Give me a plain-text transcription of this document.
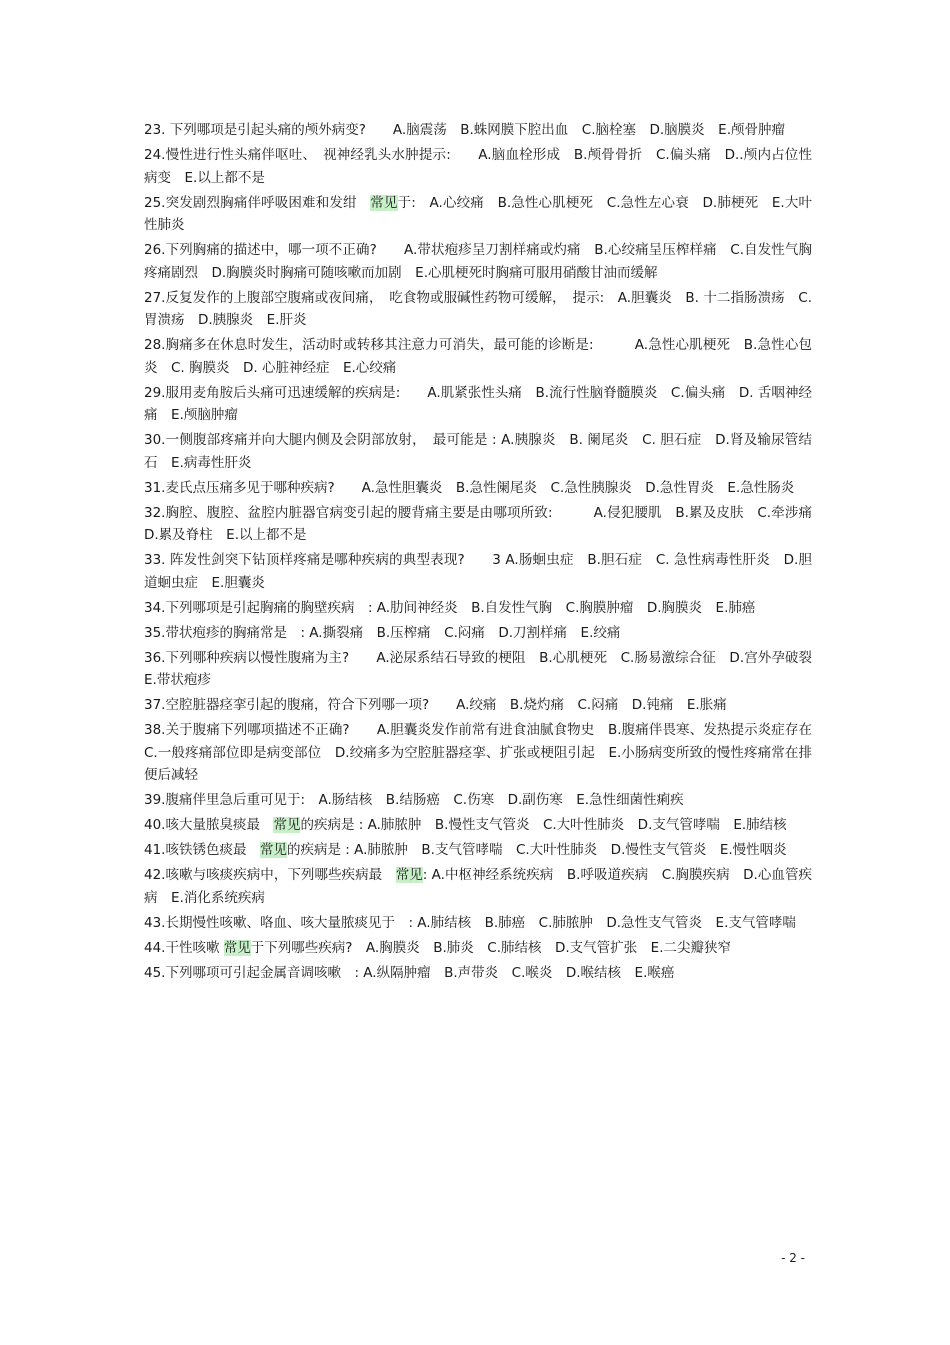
23. 下列哪项是引起头痛的颅外病变?　　A.脑震荡　B.蛛网膜下腔出血　C.脑栓塞　D.脑膜炎　E.颅骨肿瘤

24.慢性进行性头痛伴呕吐、　视神经乳头水肿提示:　　A.脑血栓形成　B.颅骨骨折　C.偏头痛　D..颅内占位性病变　E.以上都不是

25.突发剧烈胸痛伴呼吸困难和发绀　常见于:　A.心绞痛　B.急性心肌梗死　C.急性左心衰　D.肺梗死　E.大叶性肺炎

26.下列胸痛的描述中，哪一项不正确?　　A.带状疱疹呈刀割样痛或灼痛　B.心绞痛呈压榨样痛　C.自发性气胸疼痛剧烈　D.胸膜炎时胸痛可随咳嗽而加剧　E.心肌梗死时胸痛可服用硝酸甘油而缓解

27.反复发作的上腹部空腹痛或夜间痛，　吃食物或服碱性药物可缓解，　提示:　A.胆囊炎　B. 十二指肠溃疡　C.胃溃疡　D.胰腺炎　E.肝炎

28.胸痛多在休息时发生，活动时或转移其注意力可消失，最可能的诊断是:　　　A.急性心肌梗死　B.急性心包炎　C. 胸膜炎　D. 心脏神经症　E.心绞痛

29.服用麦角胺后头痛可迅速缓解的疾病是:　　A.肌紧张性头痛　B.流行性脑脊髓膜炎　C.偏头痛　D. 舌咽神经痛　E.颅脑肿瘤

30.一侧腹部疼痛并向大腿内侧及会阴部放射，　最可能是 : A.胰腺炎　B. 阑尾炎　C. 胆石症　D.肾及输尿管结石　E.病毒性肝炎

31.麦氏点压痛多见于哪种疾病?　　A.急性胆囊炎　B.急性阑尾炎　C.急性胰腺炎　D.急性胃炎　E.急性肠炎

32.胸腔、腹腔、盆腔内脏器官病变引起的腰背痛主要是由哪项所致:　　　A.侵犯腰肌　B.累及皮肤　C.牵涉痛　D.累及脊柱　E.以上都不是

33. 阵发性剑突下钻顶样疼痛是哪种疾病的典型表现?　　3 A.肠蛔虫症　B.胆石症　C. 急性病毒性肝炎　D.胆道蛔虫症　E.胆囊炎

34.下列哪项是引起胸痛的胸壁疾病　: A.肋间神经炎　B.自发性气胸　C.胸膜肿瘤　D.胸膜炎　E.肺癌

35.带状疱疹的胸痛常是　: A.撕裂痛　B.压榨痛　C.闷痛　D.刀割样痛　E.绞痛

36.下列哪种疾病以慢性腹痛为主?　　A.泌尿系结石导致的梗阻　B.心肌梗死　C.肠易激综合征　D.宫外孕破裂　E.带状疱疹

37.空腔脏器痉挛引起的腹痛，符合下列哪一项?　　A.绞痛　B.烧灼痛　C.闷痛　D.钝痛　E.胀痛

38.关于腹痛下列哪项描述不正确?　　A.胆囊炎发作前常有进食油腻食物史　B.腹痛伴畏寒、发热提示炎症存在　C.一般疼痛部位即是病变部位　D.绞痛多为空腔脏器痉挛、扩张或梗阻引起　E.小肠病变所致的慢性疼痛常在排便后减轻

39.腹痛伴里急后重可见于:　A.肠结核　B.结肠癌　C.伤寒　D.副伤寒　E.急性细菌性痢疾

40.咳大量脓臭痰最　常见的疾病是 : A.肺脓肿　B.慢性支气管炎　C.大叶性肺炎　D.支气管哮喘　E.肺结核

41.咳铁锈色痰最　常见的疾病是 : A.肺脓肿　B.支气管哮喘　C.大叶性肺炎　D.慢性支气管炎　E.慢性咽炎

42.咳嗽与咳痰疾病中，下列哪些疾病最　常见: A.中枢神经系统疾病　B.呼吸道疾病　C.胸膜疾病　D.心血管疾病　E.消化系统疾病

43.长期慢性咳嗽、咯血、咳大量脓痰见于　: A.肺结核　B.肺癌　C.肺脓肿　D.急性支气管炎　E.支气管哮喘

44.干性咳嗽 常见于下列哪些疾病?　A.胸膜炎　B.肺炎　C.肺结核　D.支气管扩张　E.二尖瓣狭窄

45.下列哪项可引起金属音调咳嗽　: A.纵隔肿瘤　B.声带炎　C.喉炎　D.喉结核　E.喉癌

- 2 -
